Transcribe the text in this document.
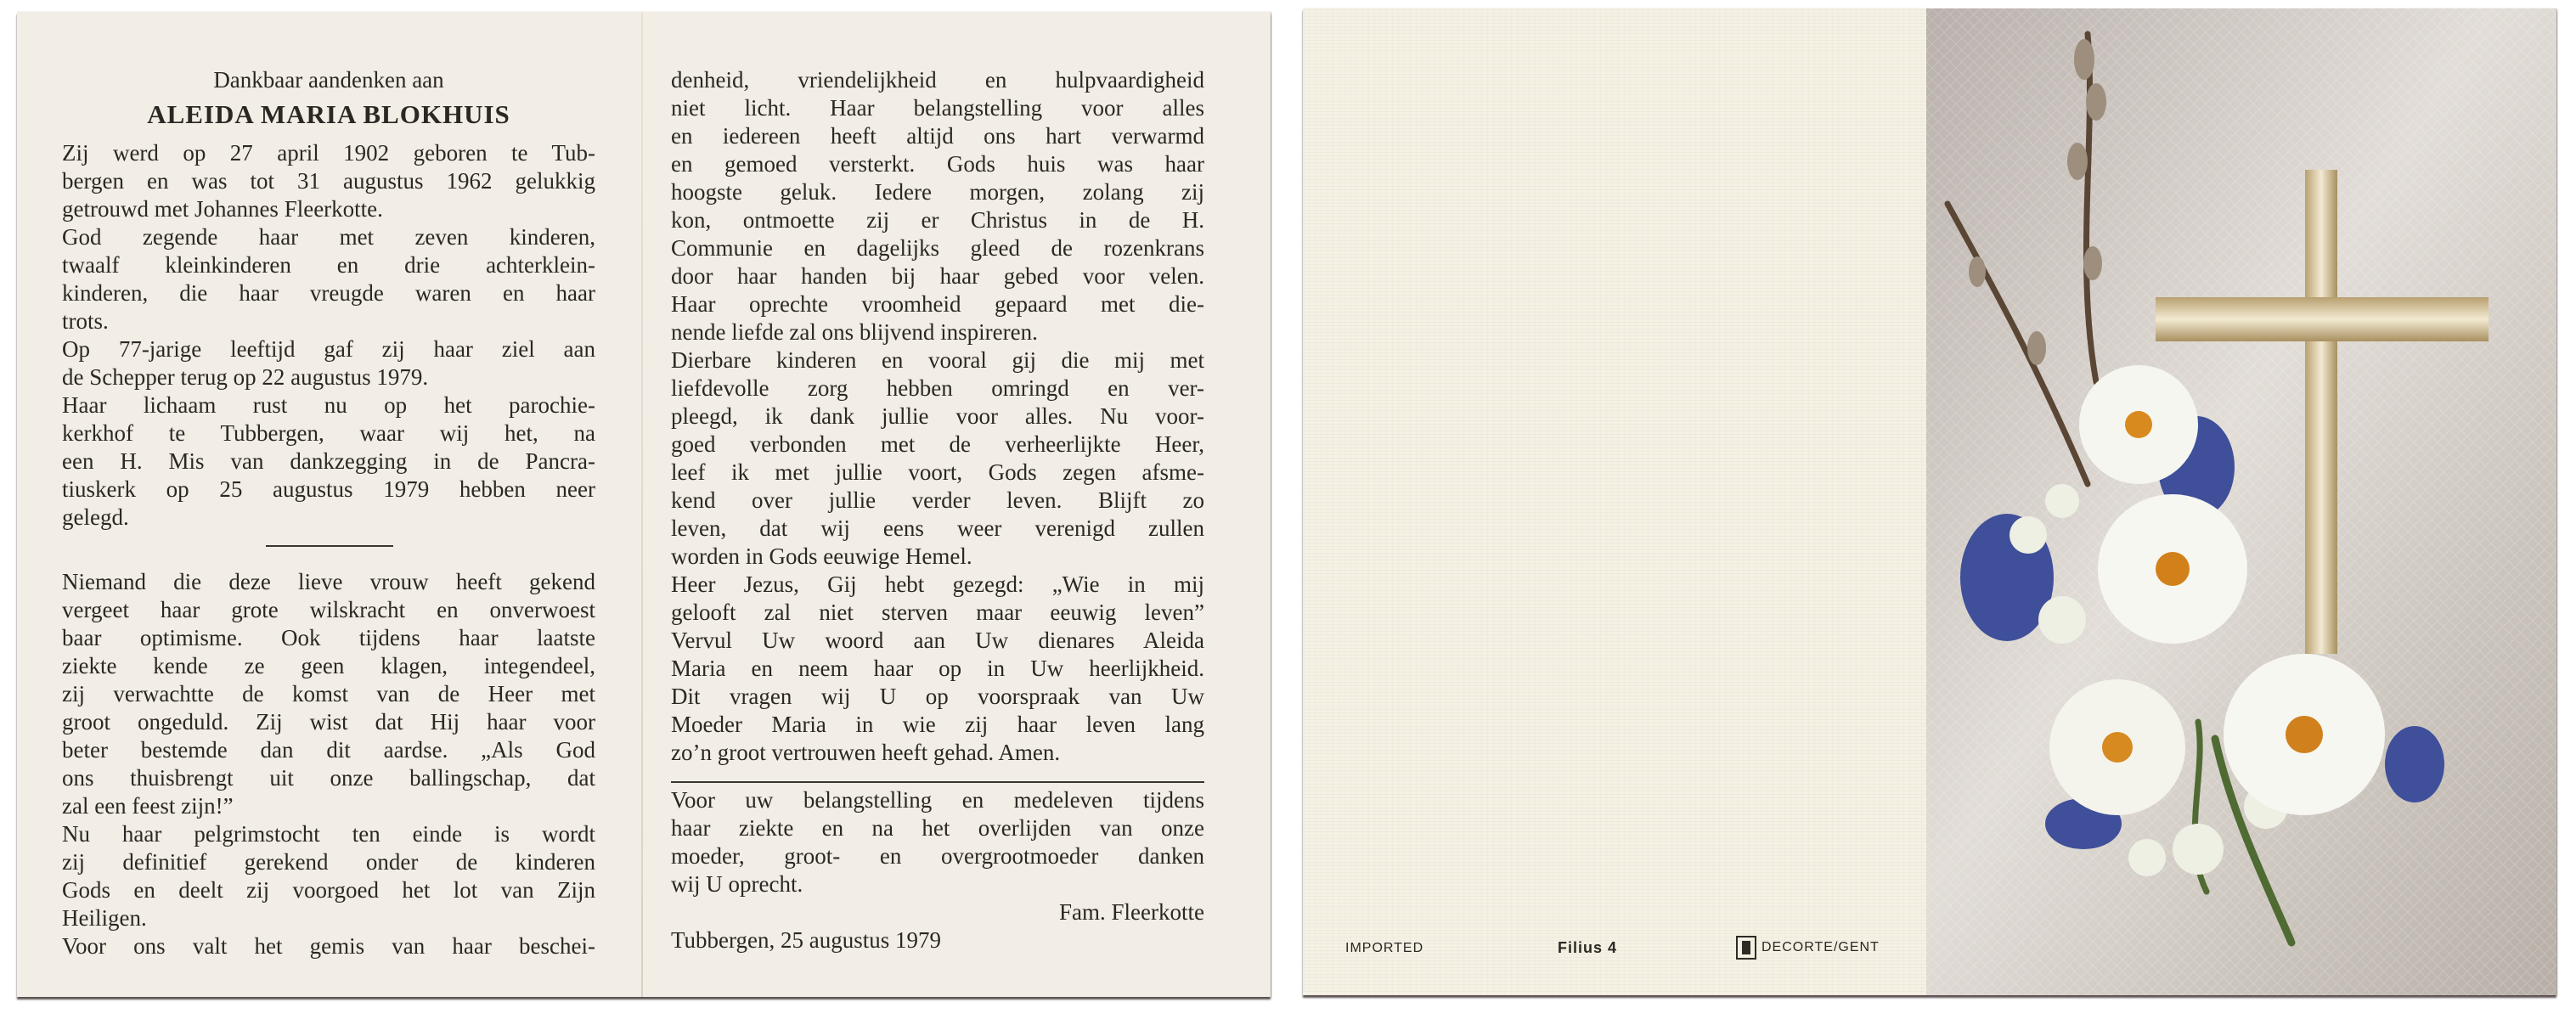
Dankbaar aandenken aan
ALEIDA MARIA BLOKHUIS
Zij werd op 27 april 1902 geboren te Tub-
bergen en was tot 31 augustus 1962 gelukkig
getrouwd met Johannes Fleerkotte.
God zegende haar met zeven kinderen,
twaalf kleinkinderen en drie achterklein-
kinderen, die haar vreugde waren en haar
trots.
Op 77-jarige leeftijd gaf zij haar ziel aan
de Schepper terug op 22 augustus 1979.
Haar lichaam rust nu op het parochie-
kerkhof te Tubbergen, waar wij het, na
een H. Mis van dankzegging in de Pancra-
tiuskerk op 25 augustus 1979 hebben neer
gelegd.
Niemand die deze lieve vrouw heeft gekend
vergeet haar grote wilskracht en onverwoest
baar optimisme. Ook tijdens haar laatste
ziekte kende ze geen klagen, integendeel,
zij verwachtte de komst van de Heer met
groot ongeduld. Zij wist dat Hij haar voor
beter bestemde dan dit aardse. „Als God
ons thuisbrengt uit onze ballingschap, dat
zal een feest zijn!”
Nu haar pelgrimstocht ten einde is wordt
zij definitief gerekend onder de kinderen
Gods en deelt zij voorgoed het lot van Zijn
Heiligen.
Voor ons valt het gemis van haar beschei-
denheid, vriendelijkheid en hulpvaardigheid
niet licht. Haar belangstelling voor alles
en iedereen heeft altijd ons hart verwarmd
en gemoed versterkt. Gods huis was haar
hoogste geluk. Iedere morgen, zolang zij
kon, ontmoette zij er Christus in de H.
Communie en dagelijks gleed de rozenkrans
door haar handen bij haar gebed voor velen.
Haar oprechte vroomheid gepaard met die-
nende liefde zal ons blijvend inspireren.
Dierbare kinderen en vooral gij die mij met
liefdevolle zorg hebben omringd en ver-
pleegd, ik dank jullie voor alles. Nu voor-
goed verbonden met de verheerlijkte Heer,
leef ik met jullie voort, Gods zegen afsme-
kend over jullie verder leven. Blijft zo
leven, dat wij eens weer verenigd zullen
worden in Gods eeuwige Hemel.
Heer Jezus, Gij hebt gezegd: „Wie in mij
gelooft zal niet sterven maar eeuwig leven”
Vervul Uw woord aan Uw dienares Aleida
Maria en neem haar op in Uw heerlijkheid.
Dit vragen wij U op voorspraak van Uw
Moeder Maria in wie zij haar leven lang
zo’n groot vertrouwen heeft gehad. Amen.
Voor uw belangstelling en medeleven tijdens
haar ziekte en na het overlijden van onze
moeder, groot- en overgrootmoeder danken
wij U oprecht.
Fam. Fleerkotte
Tubbergen, 25 augustus 1979	IMPORTED	Filius 4	DECORTE/GENT
